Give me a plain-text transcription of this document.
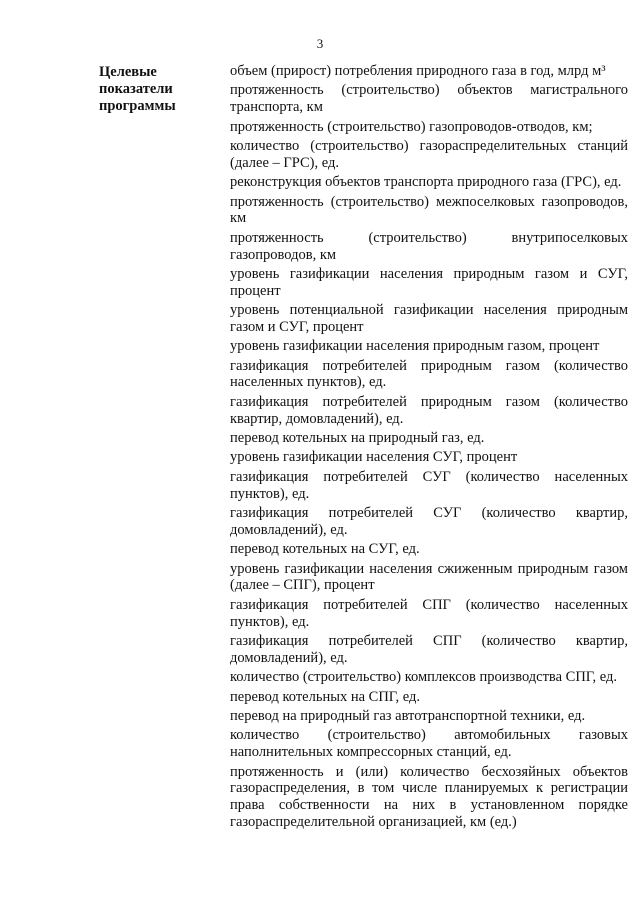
3
Целевые показатели программы

объем (прирост) потребления природного газа в год, млрд м³

протяженность (строительство) объектов магистрального транспорта, км

протяженность (строительство) газопроводов-отводов, км;

количество (строительство) газораспределительных станций (далее – ГРС), ед.

реконструкция объектов транспорта природного газа (ГРС), ед.

протяженность (строительство) межпоселковых газопроводов, км

протяженность (строительство) внутрипоселковых газопроводов, км

уровень газификации населения природным газом и СУГ, процент

уровень потенциальной газификации населения природным газом и СУГ, процент

уровень газификации населения природным газом, процент

газификация потребителей природным газом (количество населенных пунктов), ед.

газификация потребителей природным газом (количество квартир, домовладений), ед.

перевод котельных на природный газ, ед.

уровень газификации населения СУГ, процент

газификация потребителей СУГ (количество населенных пунктов), ед.

газификация потребителей СУГ (количество квартир, домовладений), ед.

перевод котельных на СУГ, ед.

уровень газификации населения сжиженным природным газом (далее – СПГ), процент

газификация потребителей СПГ (количество населенных пунктов), ед.

газификация потребителей СПГ (количество квартир, домовладений), ед.

количество (строительство) комплексов производства СПГ, ед.

перевод котельных на СПГ, ед.

перевод на природный газ автотранспортной техники, ед.

количество (строительство) автомобильных газовых наполнительных компрессорных станций, ед.

протяженность и (или) количество бесхозяйных объектов газораспределения, в том числе планируемых к регистрации права собственности на них в установленном порядке газораспределительной организацией, км (ед.)
